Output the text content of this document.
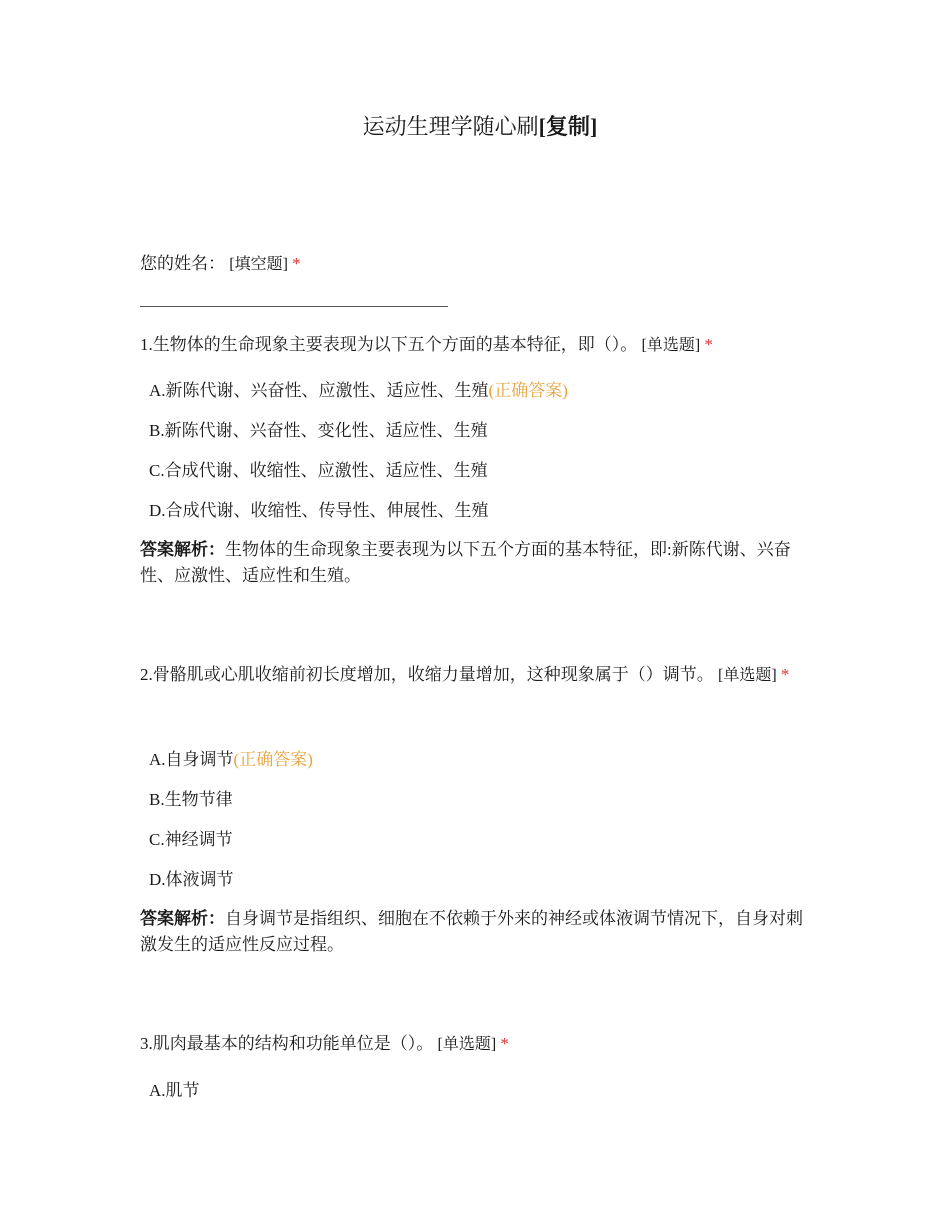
运动生理学随心刷[复制]
您的姓名： [填空题] *
1.生物体的生命现象主要表现为以下五个方面的基本特征，即（）。 [单选题] *
A.新陈代谢、兴奋性、应激性、适应性、生殖(正确答案)
B.新陈代谢、兴奋性、变化性、适应性、生殖
C.合成代谢、收缩性、应激性、适应性、生殖
D.合成代谢、收缩性、传导性、伸展性、生殖
答案解析：生物体的生命现象主要表现为以下五个方面的基本特征，即:新陈代谢、兴奋性、应激性、适应性和生殖。
2.骨骼肌或心肌收缩前初长度增加，收缩力量增加，这种现象属于（）调节。 [单选题] *
A.自身调节(正确答案)
B.生物节律
C.神经调节
D.体液调节
答案解析：自身调节是指组织、细胞在不依赖于外来的神经或体液调节情况下，自身对刺激发生的适应性反应过程。
3.肌肉最基本的结构和功能单位是（）。 [单选题] *
A.肌节
